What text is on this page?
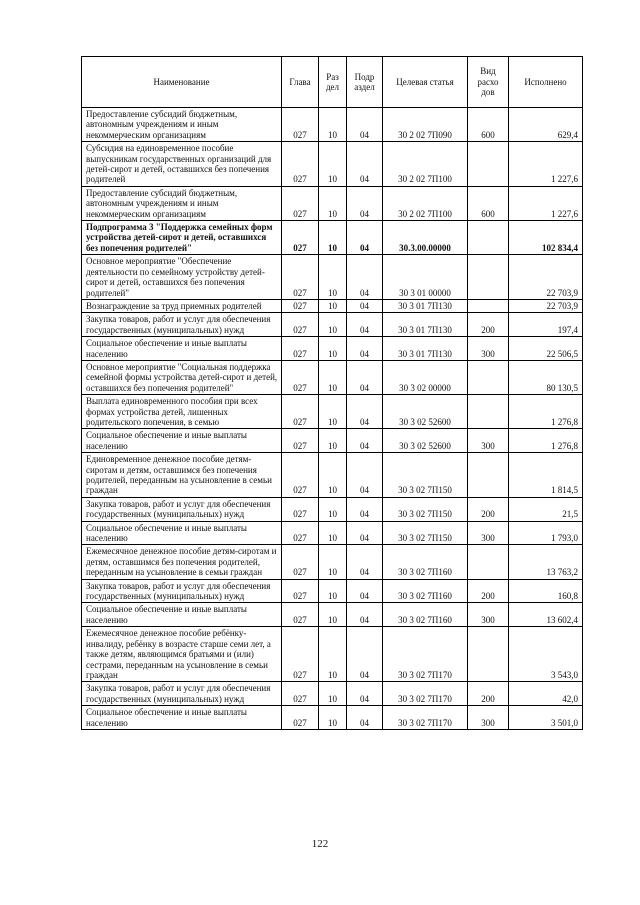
Наименование	Глава	Раз дел	Подр аздел	Целевая статья	Вид расхо дов	Исполнено
Предоставление субсидий бюджетным, автономным учреждениям и иным некоммерческим организациям	027	10	04	30 2 02 7П090	600	629,4
Субсидия на единовременное пособие выпускникам государственных организаций для детей-сирот и детей, оставшихся без попечения родителей	027	10	04	30 2 02 7П100		1 227,6
Предоставление субсидий бюджетным, автономным учреждениям и иным некоммерческим организациям	027	10	04	30 2 02 7П100	600	1 227,6
Подпрограмма 3 "Поддержка семейных форм устройства детей-сирот и детей, оставшихся без попечения родителей"	027	10	04	30.3.00.00000		102 834,4
Основное мероприятие "Обеспечение деятельности по семейному устройству детей-сирот и детей, оставшихся без попечения родителей"	027	10	04	30 3 01 00000		22 703,9
Вознаграждение за труд приемных родителей	027	10	04	30 3 01 7П130		22 703,9
Закупка товаров, работ и услуг для обеспечения государственных (муниципальных) нужд	027	10	04	30 3 01 7П130	200	197,4
Социальное обеспечение и иные выплаты населению	027	10	04	30 3 01 7П130	300	22 506,5
Основное мероприятие "Социальная поддержка семейной формы устройства детей-сирот и детей, оставшихся без попечения родителей"	027	10	04	30 3 02 00000		80 130,5
Выплата единовременного пособия при всех формах устройства детей, лишенных родительского попечения, в семью	027	10	04	30 3 02 52600		1 276,8
Социальное обеспечение и иные выплаты населению	027	10	04	30 3 02 52600	300	1 276,8
Единовременное денежное пособие детям-сиротам и детям, оставшимся без попечения родителей, переданным на усыновление в семьи граждан	027	10	04	30 3 02 7П150		1 814,5
Закупка товаров, работ и услуг для обеспечения государственных (муниципальных) нужд	027	10	04	30 3 02 7П150	200	21,5
Социальное обеспечение и иные выплаты населению	027	10	04	30 3 02 7П150	300	1 793,0
Ежемесячное денежное пособие детям-сиротам и детям, оставшимся без попечения родителей, переданным на усыновление в семьи граждан	027	10	04	30 3 02 7П160		13 763,2
Закупка товаров, работ и услуг для обеспечения государственных (муниципальных) нужд	027	10	04	30 3 02 7П160	200	160,8
Социальное обеспечение и иные выплаты населению	027	10	04	30 3 02 7П160	300	13 602,4
Ежемесячное денежное пособие ребёнку-инвалиду, ребёнку в возрасте старше семи лет, а также детям, являющимся братьями и (или) сестрами, переданным на усыновление в семьи граждан	027	10	04	30 3 02 7П170		3 543,0
Закупка товаров, работ и услуг для обеспечения государственных (муниципальных) нужд	027	10	04	30 3 02 7П170	200	42,0
Социальное обеспечение и иные выплаты населению	027	10	04	30 3 02 7П170	300	3 501,0
122
